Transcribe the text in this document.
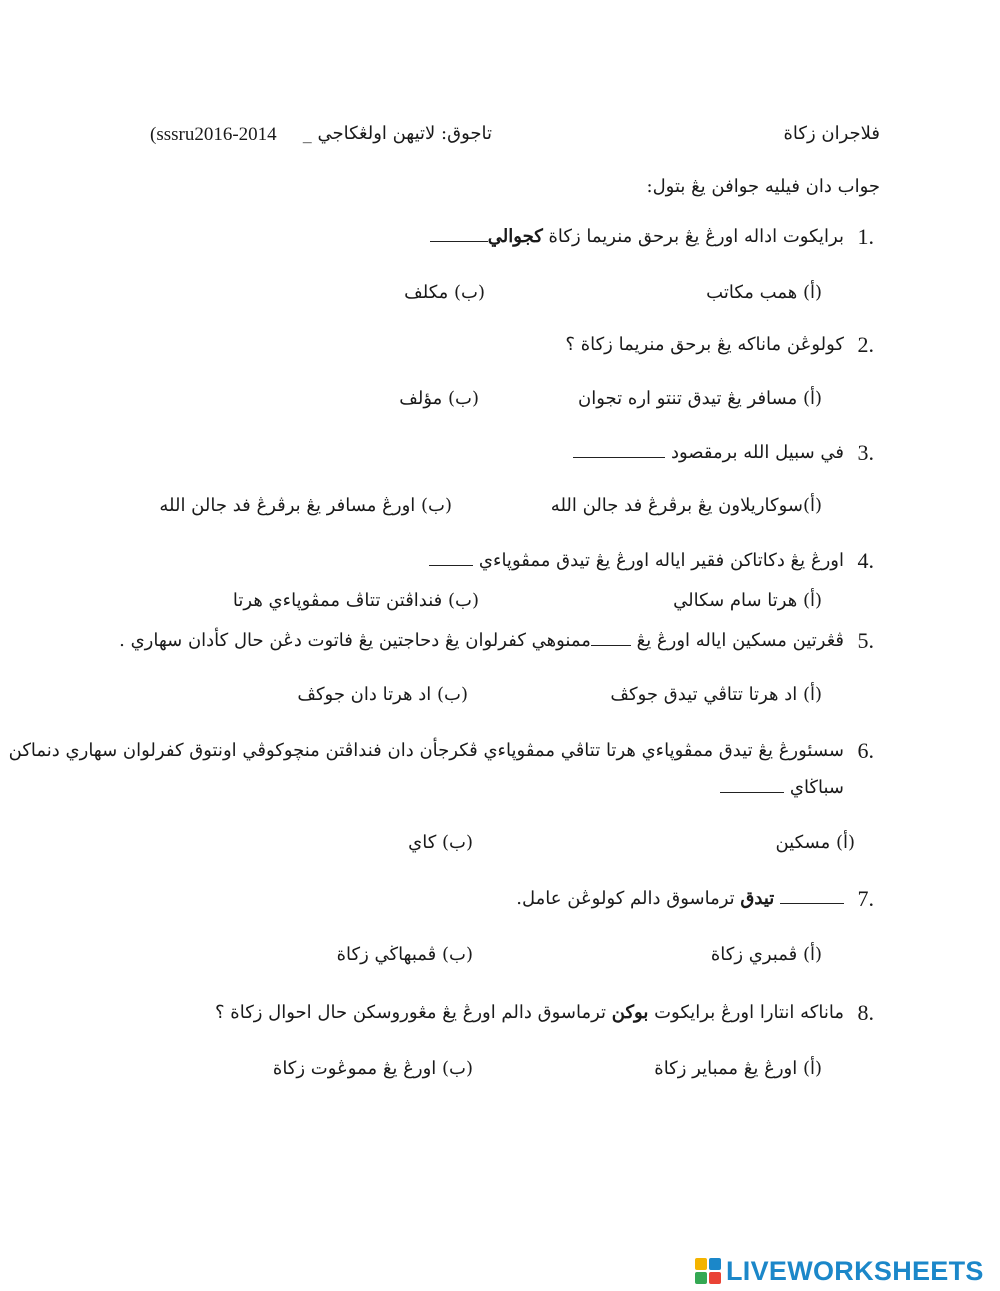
فلاجران زكاة
تاجوق: لاتيهن اولڠكاجي _
(sssru2016-2014
جواب دان فيليه جوافن يڠ بتول:
1.
برايكوت اداله اورڠ يڠ برحق منريما زكاة كجوالي
(أ) همب مكاتب
(ب) مكلف
2.
كولوڠن ماناكه يڠ برحق منريما زكاة ؟
(أ) مسافر يڠ تيدق تنتو اره تجوان
(ب) مؤلف
3.
في سبيل الله برمقصود
(أ)سوكاريلاون يڠ برڤرڠ فد جالن الله
(ب) اورڠ مسافر يڠ برڤرڠ فد جالن الله
4.
اورڠ يڠ دكاتاكن فقير اياله اورڠ يڠ تيدق ممڤوڽاءي
(أ) هرتا سام سكالي
(ب) فنداڤتن تتاڤ ممڤوڽاءي هرتا
5.
ڤڠرتين مسكين اياله اورڠ يڠ ممنوهي كفرلوان يڠ دحاجتين يڠ فاتوت دڠن حال كأدان سهاري .
(أ) اد هرتا تتاڤي تيدق جوكڤ
(ب) اد هرتا دان جوكڤ
6.
سسئورڠ يڠ تيدق ممڤوڽاءي هرتا تتاڤي ممڤوڽاءي ڤكرجأن دان فنداڤتن منچوكوڤي اونتوق كفرلوان سهاري دنماكن
سباڬاي
(أ) مسكين
(ب) كاي
7.
تيدق ترماسوق دالم كولوڠن عامل.
(أ) ڤمبري زكاة
(ب) ڤمبهاڬي زكاة
8.
ماناكه انتارا اورڠ برايكوت بوكن ترماسوق دالم اورڠ يڠ مڠوروسكن حال احوال زكاة ؟
(أ) اورڠ يڠ ممباير زكاة
(ب) اورڠ يڠ مموڠوت زكاة
LIVEWORKSHEETS
